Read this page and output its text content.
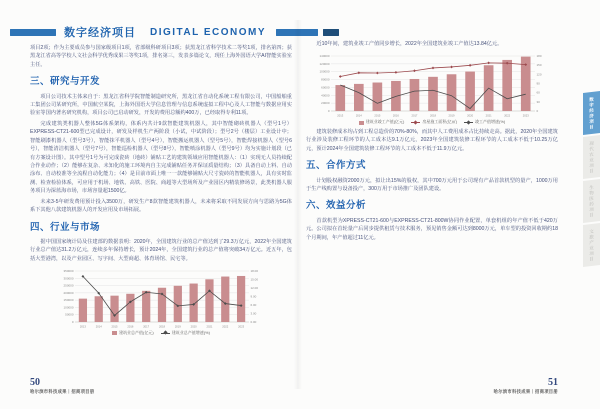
数字经济项目 DIGITAL ECONOMY

项目2项；作为主要成员参与国家级项目1项，省部级科研项目3项；获黑龙江省科学技术二等奖1项，排名第四；获黑龙江省高等学校人文社会科学优秀成果三等奖1项，排名第三，发表多篇论文，现任上海外国语大学AI智能实验室主任。

三、研究与开发

项目公司技术主体来自于：黑龙江省科学院智能制造研究所，黑龙江省自动化系统工程有限公司，中国船舶重工集团公司某研究所，中国航空某院，上海外国语大学信息管理与信息系统虚拟工程中心及人工智能与数据应用实验室等国内著名研究机构，项目公司已启动研发，开发的费用总额约400万，已经取得专利11项。

完成建筑类机器人整体5G体系架构，体系内共计9款智能建筑机器人，其中智能砌砖机器人（型号1号）EXPRESS-CT21-600型已完成设计，研发及样机生产两阶段（小试，中试阶段）；型号2号（楼层）工业设计中；智能刷漆机器人（型号3号），智能抹平机器人（型号4号），智能搬运机器人（型号5号），智能焊接机器人（型号6号），智能清洁机器人（型号7号），智能巡检机器人（型号8号），智能喷涂机器人（型号9号）均为实施计划段（已有方案设计图）。其中型号1号为可完成瓷砖（地砖）铺贴工艺的建筑领域应用智能机器人：（1）实现无人员持续配合作业动作；（2）能够在复杂、未知化的施工环境内自主完成铺贴任务并保证质量结构；（3）具备自动上料、自动涂布、自动校准等全流程自动化能力；（4）是目前市面上唯一一款能够铺贴大尺寸瓷砖的智能机器人，具有实时监测、检查检验体系，可应用于机场、地铁、高铁、医院、商超等大型场所及产业园区内精装修场景，此类机器人服务项目为深蓝海市场，市场容量超1500亿。

未来3-5年研发费用预计投入3500万，研发生产8款智能建筑机器人，未来将采取不同发展方向与思路为5G体系下其他八款建筑机器人的开发应用及市场拓展。

四、行业与市场

据中国国家统计局及住建部的数据表明：2020年，全国建筑行业的总产值达到了29.3万亿元，2022年全国建筑行业总产值达31.2万亿元，连续多年保持增长，预计2024年，全国建筑行业的总产值将突破34万亿元。近五年，包括大型港湾，以及产业园区、写字间、大型商超、体育场馆、民宅等。

0
50000
100000
150000
200000
250000
300000
350000
0.00
3.00
6.00
9.00
12.00
15.00
18.00
2013	2014	2015	2016	2017	2018	2019	2020	2021	2022	2023
建筑业总产值(亿元)	建筑业总产值增速(%)

近10年间，建筑业竣工产值同步增长，2022年全国建筑业竣工产值达13.84亿元。

0
20000
40000
60000
80000
100000
120000
140000
0
30
60
90
120
150
180
2013	2014	2015	2016	2017	2018	2019	2020	2021	2022	2023
建筑业竣工产值(亿元)	房屋施工面积(亿㎡)	竣工产值增速(%)

建筑装修成本均占到工程总造价的70%-80%，而其中人工费用成本占比持续走高。据此，2020年全国建筑行业涉及装修工程环节的人工成本达9.1万亿元，2023年全国建筑装修工程环节的人工成本不低于10.25万亿元，预计2024年全国建筑装修工程环节的人工成本不低于11.9万亿元。

五、合作方式

计划股权融资2000万元，拟让出15%的股权，其中700万元用于公司现有产品首款机型的量产，1000万用于生产线购置与设备投产，300万用于市场推广及团队建设。

六、效益分析

首款机型为XPRESS-CT21-600与EXPRESS-CT21-800W协同作业配置，单套机组的年产值不低于420万元。公司拟在首轮量产后同步提供租赁与技术服务，预见销售金额可达到8000万元，单车型的投资回收期约18个月期间，年产值超过11亿元。

50
哈尔滨市科技成果｜招商项目册
51
哈尔滨市科技成果｜招商项目册
数字经济项目
现代农业项目
生物医药项目
文旅产业项目
